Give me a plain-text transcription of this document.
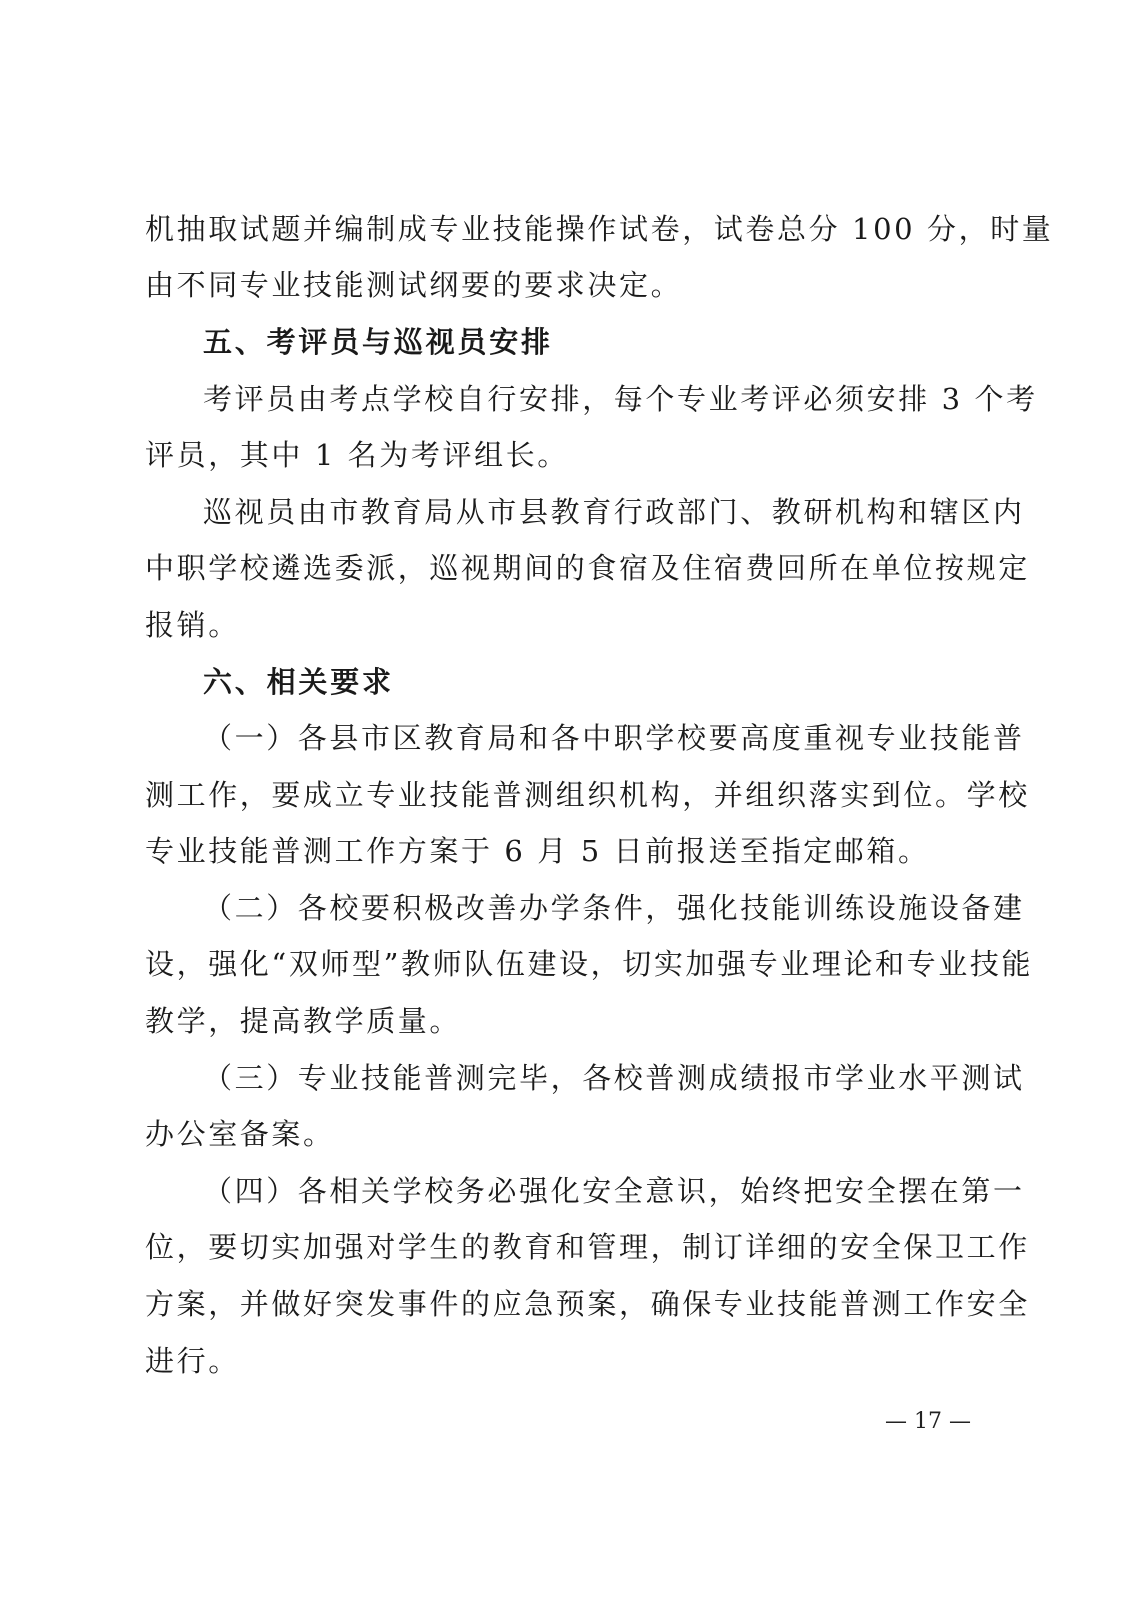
机抽取试题并编制成专业技能操作试卷，试卷总分 100 分，时量
由不同专业技能测试纲要的要求决定。
五、考评员与巡视员安排
考评员由考点学校自行安排，每个专业考评必须安排 3 个考
评员，其中 1 名为考评组长。
巡视员由市教育局从市县教育行政部门、教研机构和辖区内
中职学校遴选委派，巡视期间的食宿及住宿费回所在单位按规定
报销。
六、相关要求
（一）各县市区教育局和各中职学校要高度重视专业技能普
测工作，要成立专业技能普测组织机构，并组织落实到位。学校
专业技能普测工作方案于 6 月 5 日前报送至指定邮箱。
（二）各校要积极改善办学条件，强化技能训练设施设备建
设，强化“双师型”教师队伍建设，切实加强专业理论和专业技能
教学，提高教学质量。
（三）专业技能普测完毕，各校普测成绩报市学业水平测试
办公室备案。
（四）各相关学校务必强化安全意识，始终把安全摆在第一
位，要切实加强对学生的教育和管理，制订详细的安全保卫工作
方案，并做好突发事件的应急预案，确保专业技能普测工作安全
进行。
— 17 —
